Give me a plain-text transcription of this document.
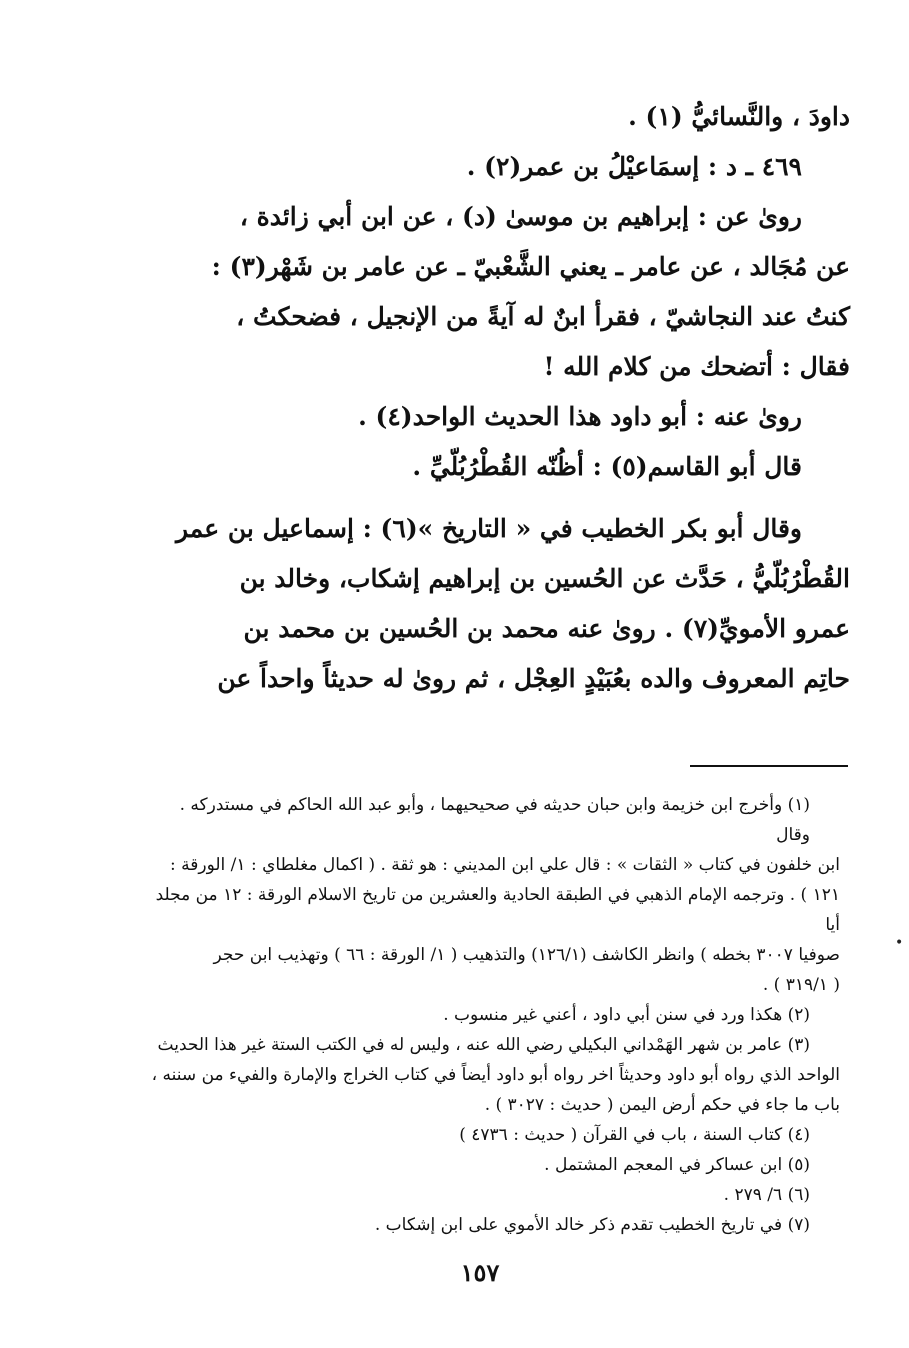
داودَ ، والنَّسائيُّ (١) .
٤٦٩ ـ د : إسمَاعيْلُ بن عمر(٢) .
روىٰ عن : إبراهيم بن موسىٰ (د) ، عن ابن أبي زائدة ،
عن مُجَالد ، عن عامر ـ يعني الشَّعْبيّ ـ عن عامر بن شَهْر(٣) :
كنتُ عند النجاشيّ ، فقرأ ابنٌ له آيةً من الإنجيل ، فضحكتُ ،
فقال : أتضحك من كلام الله !
روىٰ عنه : أبو داود هذا الحديث الواحد(٤) .
قال أبو القاسم(٥) : أظُنّه القُطْرُبُلّيِّ .
وقال أبو بكر الخطيب في « التاريخ »(٦) : إسماعيل بن عمر
القُطْرُبُلّيُّ ، حَدَّث عن الحُسين بن إبراهيم إشكاب، وخالد بن
عمرو الأمويِّ(٧) . روىٰ عنه محمد بن الحُسين بن محمد بن
حاتِم المعروف والده بعُبَيْدٍ العِجْل ، ثم روىٰ له حديثاً واحداً عن
(١) وأخرج ابن خزيمة وابن حبان حديثه في صحيحيهما ، وأبو عبد الله الحاكم في مستدركه . وقال
ابن خلفون في كتاب « الثقات » : قال علي ابن المديني : هو ثقة . ( اكمال مغلطاي : ١/ الورقة :
١٢١ ) . وترجمه الإمام الذهبي في الطبقة الحادية والعشرين من تاريخ الاسلام الورقة : ١٢ من مجلد أيا
صوفيا ٣٠٠٧ بخطه ) وانظر الكاشف (١٢٦/١) والتذهيب ( ١/ الورقة : ٦٦ ) وتهذيب ابن حجر
( ٣١٩/١ ) .
(٢) هكذا ورد في سنن أبي داود ، أعني غير منسوب .
(٣) عامر بن شهر الهَمْداني البكيلي رضي الله عنه ، وليس له في الكتب الستة غير هذا الحديث
الواحد الذي رواه أبو داود وحديثاً اخر رواه أبو داود أيضاً في كتاب الخراج والإمارة والفيء من سننه ،
باب ما جاء في حكم أرض اليمن ( حديث : ٣٠٢٧ ) .
(٤) كتاب السنة ، باب في القرآن ( حديث : ٤٧٣٦ )
(٥) ابن عساكر في المعجم المشتمل .
(٦) ٦/ ٢٧٩ .
(٧) في تاريخ الخطيب تقدم ذكر خالد الأموي على ابن إشكاب .
•
١٥٧
